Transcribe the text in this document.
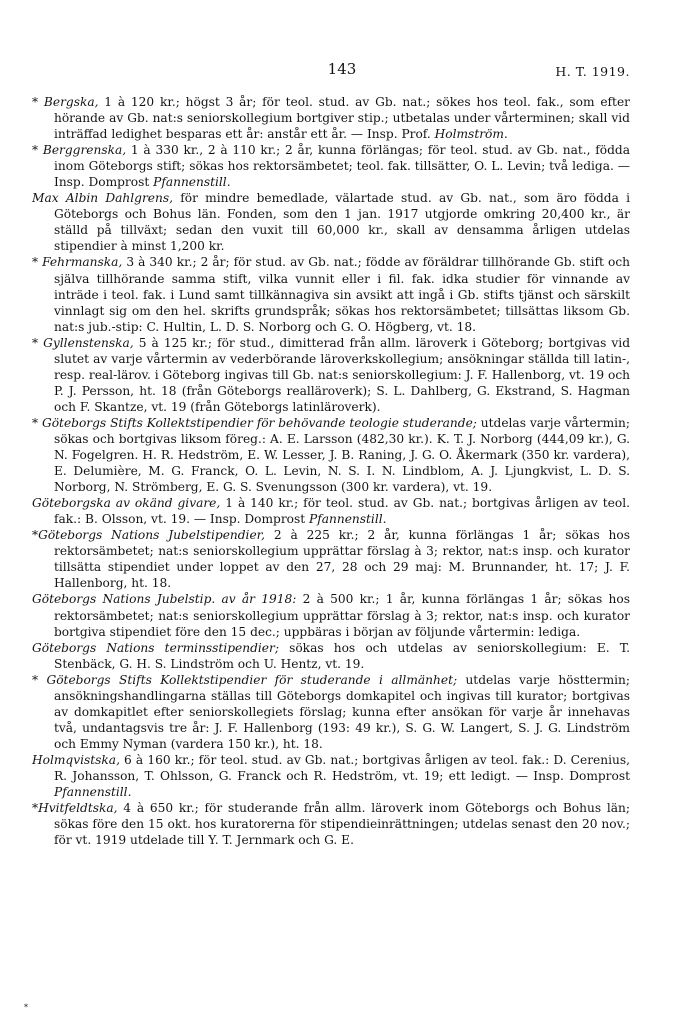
143	H. T. 1919.

* Bergska, 1 à 120 kr.; högst 3 år; för teol. stud. av Gb. nat.; sökes hos teol. fak., som efter hörande av Gb. nat:s seniorskollegium bortgiver stip.; utbetalas under vårterminen; skall vid inträffad ledighet besparas ett år: anstår ett år. — Insp. Prof. Holmström.

* Berggrenska, 1 à 330 kr., 2 à 110 kr.; 2 år, kunna förlängas; för teol. stud. av Gb. nat., födda inom Göteborgs stift; sökas hos rektorsämbetet; teol. fak. tillsätter, O. L. Levin; två lediga. — Insp. Domprost Pfannenstill.

Max Albin Dahlgrens, för mindre bemedlade, välartade stud. av Gb. nat., som äro födda i Göteborgs och Bohus län. Fonden, som den 1 jan. 1917 utgjorde omkring 20,400 kr., är ställd på tillväxt; sedan den vuxit till 60,000 kr., skall av densamma årligen utdelas stipendier à minst 1,200 kr.

* Fehrmanska, 3 à 340 kr.; 2 år; för stud. av Gb. nat.; födde av föräldrar tillhörande Gb. stift och själva tillhörande samma stift, vilka vunnit eller i fil. fak. idka studier för vinnande av inträde i teol. fak. i Lund samt tillkännagiva sin avsikt att ingå i Gb. stifts tjänst och särskilt vinnlagt sig om den hel. skrifts grundspråk; sökas hos rektorsämbetet; tillsättas liksom Gb. nat:s jub.-stip: C. Hultin, L. D. S. Norborg och G. O. Högberg, vt. 18.

* Gyllenstenska, 5 à 125 kr.; för stud., dimitterad från allm. läroverk i Göteborg; bortgivas vid slutet av varje vårtermin av vederbörande läroverkskollegium; ansökningar ställda till latin-, resp. real-lärov. i Göteborg ingivas till Gb. nat:s seniorskollegium: J. F. Hallenborg, vt. 19 och P. J. Persson, ht. 18 (från Göteborgs realläroverk); S. L. Dahlberg, G. Ekstrand, S. Hagman och F. Skantze, vt. 19 (från Göteborgs latinläroverk).

* Göteborgs Stifts Kollektstipendier för behövande teologie studerande; utdelas varje vårtermin; sökas och bortgivas liksom föreg.: A. E. Larsson (482,30 kr.). K. T. J. Norborg (444,09 kr.), G. N. Fogelgren. H. R. Hedström, E. W. Lesser, J. B. Raning, J. G. O. Åkermark (350 kr. vardera), E. Delumière, M. G. Franck, O. L. Levin, N. S. I. N. Lindblom, A. J. Ljungkvist, L. D. S. Norborg, N. Strömberg, E. G. S. Svenungsson (300 kr. vardera), vt. 19.

Göteborgska av okänd givare, 1 à 140 kr.; för teol. stud. av Gb. nat.; bortgivas årligen av teol. fak.: B. Olsson, vt. 19. — Insp. Domprost Pfannenstill.

*Göteborgs Nations Jubelstipendier, 2 à 225 kr.; 2 år, kunna förlängas 1 år; sökas hos rektorsämbetet; nat:s seniorskollegium upprättar förslag à 3; rektor, nat:s insp. och kurator tillsätta stipendiet under loppet av den 27, 28 och 29 maj: M. Brunnander, ht. 17; J. F. Hallenborg, ht. 18.

Göteborgs Nations Jubelstip. av år 1918: 2 à 500 kr.; 1 år, kunna förlängas 1 år; sökas hos rektorsämbetet; nat:s seniorskollegium upprättar förslag à 3; rektor, nat:s insp. och kurator bortgiva stipendiet före den 15 dec.; uppbäras i början av följunde vårtermin: lediga.

Göteborgs Nations terminsstipendier; sökas hos och utdelas av seniorskollegium: E. T. Stenbäck, G. H. S. Lindström och U. Hentz, vt. 19.

* Göteborgs Stifts Kollektstipendier för studerande i allmänhet; utdelas varje hösttermin; ansökningshandlingarna ställas till Göteborgs domkapitel och ingivas till kurator; bortgivas av domkapitlet efter seniorskollegiets förslag; kunna efter ansökan för varje år innehavas två, undantagsvis tre år: J. F. Hallenborg (193: 49 kr.), S. G. W. Langert, S. J. G. Lindström och Emmy Nyman (vardera 150 kr.), ht. 18.

Holmqvistska, 6 à 160 kr.; för teol. stud. av Gb. nat.; bortgivas årligen av teol. fak.: D. Cerenius, R. Johansson, T. Ohlsson, G. Franck och R. Hedström, vt. 19; ett ledigt. — Insp. Domprost Pfannenstill.

*Hvitfeldtska, 4 à 650 kr.; för studerande från allm. läroverk inom Göteborgs och Bohus län; sökas före den 15 okt. hos kuratorerna för stipendieinrättningen; utdelas senast den 20 nov.; för vt. 1919 utdelade till Y. T. Jernmark och G. E.

*
